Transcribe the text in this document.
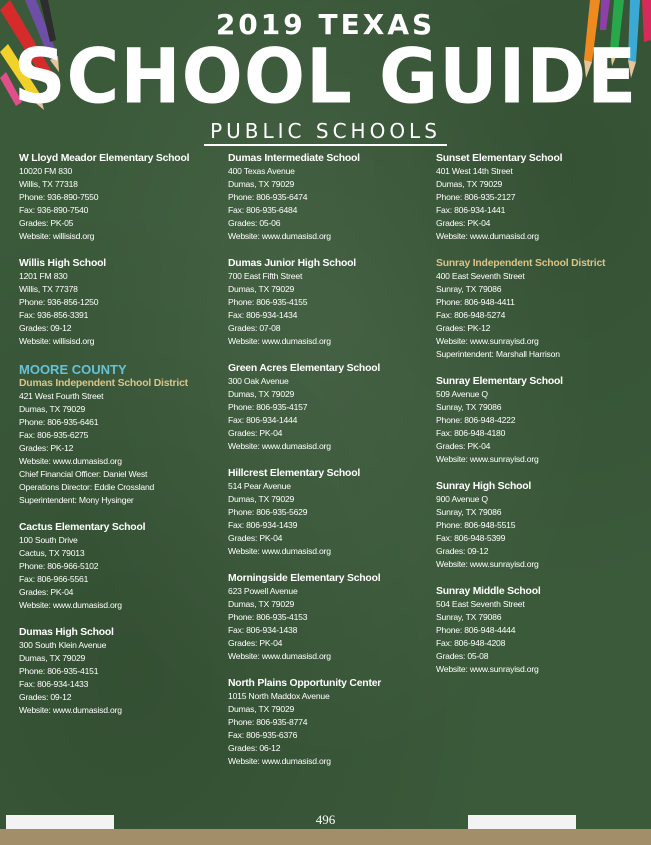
2019 TEXAS
SCHOOL GUIDE
PUBLIC SCHOOLS
W Lloyd Meador Elementary School
10020 FM 830
Willis, TX 77318
Phone: 936-890-7550
Fax: 936-890-7540
Grades: PK-05
Website: willisisd.org
Willis High School
1201 FM 830
Willis, TX 77378
Phone: 936-856-1250
Fax: 936-856-3391
Grades: 09-12
Website: willisisd.org
MOORE COUNTY
Dumas Independent School District
421 West Fourth Street
Dumas, TX 79029
Phone: 806-935-6461
Fax: 806-935-6275
Grades: PK-12
Website: www.dumasisd.org
Chief Financial Officer: Daniel West
Operations Director: Eddie Crossland
Superintendent: Mony Hysinger
Cactus Elementary School
100 South Drive
Cactus, TX 79013
Phone: 806-966-5102
Fax: 806-966-5561
Grades: PK-04
Website: www.dumasisd.org
Dumas High School
300 South Klein Avenue
Dumas, TX 79029
Phone: 806-935-4151
Fax: 806-934-1433
Grades: 09-12
Website: www.dumasisd.org
Dumas Intermediate School
400 Texas Avenue
Dumas, TX 79029
Phone: 806-935-6474
Fax: 806-935-6484
Grades: 05-06
Website: www.dumasisd.org
Dumas Junior High School
700 East Fifth Street
Dumas, TX 79029
Phone: 806-935-4155
Fax: 806-934-1434
Grades: 07-08
Website: www.dumasisd.org
Green Acres Elementary School
300 Oak Avenue
Dumas, TX 79029
Phone: 806-935-4157
Fax: 806-934-1444
Grades: PK-04
Website: www.dumasisd.org
Hillcrest Elementary School
514 Pear Avenue
Dumas, TX 79029
Phone: 806-935-5629
Fax: 806-934-1439
Grades: PK-04
Website: www.dumasisd.org
Morningside Elementary School
623 Powell Avenue
Dumas, TX 79029
Phone: 806-935-4153
Fax: 806-934-1438
Grades: PK-04
Website: www.dumasisd.org
North Plains Opportunity Center
1015 North Maddox Avenue
Dumas, TX 79029
Phone: 806-935-8774
Fax: 806-935-6376
Grades: 06-12
Website: www.dumasisd.org
Sunset Elementary School
401 West 14th Street
Dumas, TX 79029
Phone: 806-935-2127
Fax: 806-934-1441
Grades: PK-04
Website: www.dumasisd.org
Sunray Independent School District
400 East Seventh Street
Sunray, TX 79086
Phone: 806-948-4411
Fax: 806-948-5274
Grades: PK-12
Website: www.sunrayisd.org
Superintendent: Marshall Harrison
Sunray Elementary School
509 Avenue Q
Sunray, TX 79086
Phone: 806-948-4222
Fax: 806-948-4180
Grades: PK-04
Website: www.sunrayisd.org
Sunray High School
900 Avenue Q
Sunray, TX 79086
Phone: 806-948-5515
Fax: 806-948-5399
Grades: 09-12
Website: www.sunrayisd.org
Sunray Middle School
504 East Seventh Street
Sunray, TX 79086
Phone: 806-948-4444
Fax: 806-948-4208
Grades: 05-08
Website: www.sunrayisd.org
496
